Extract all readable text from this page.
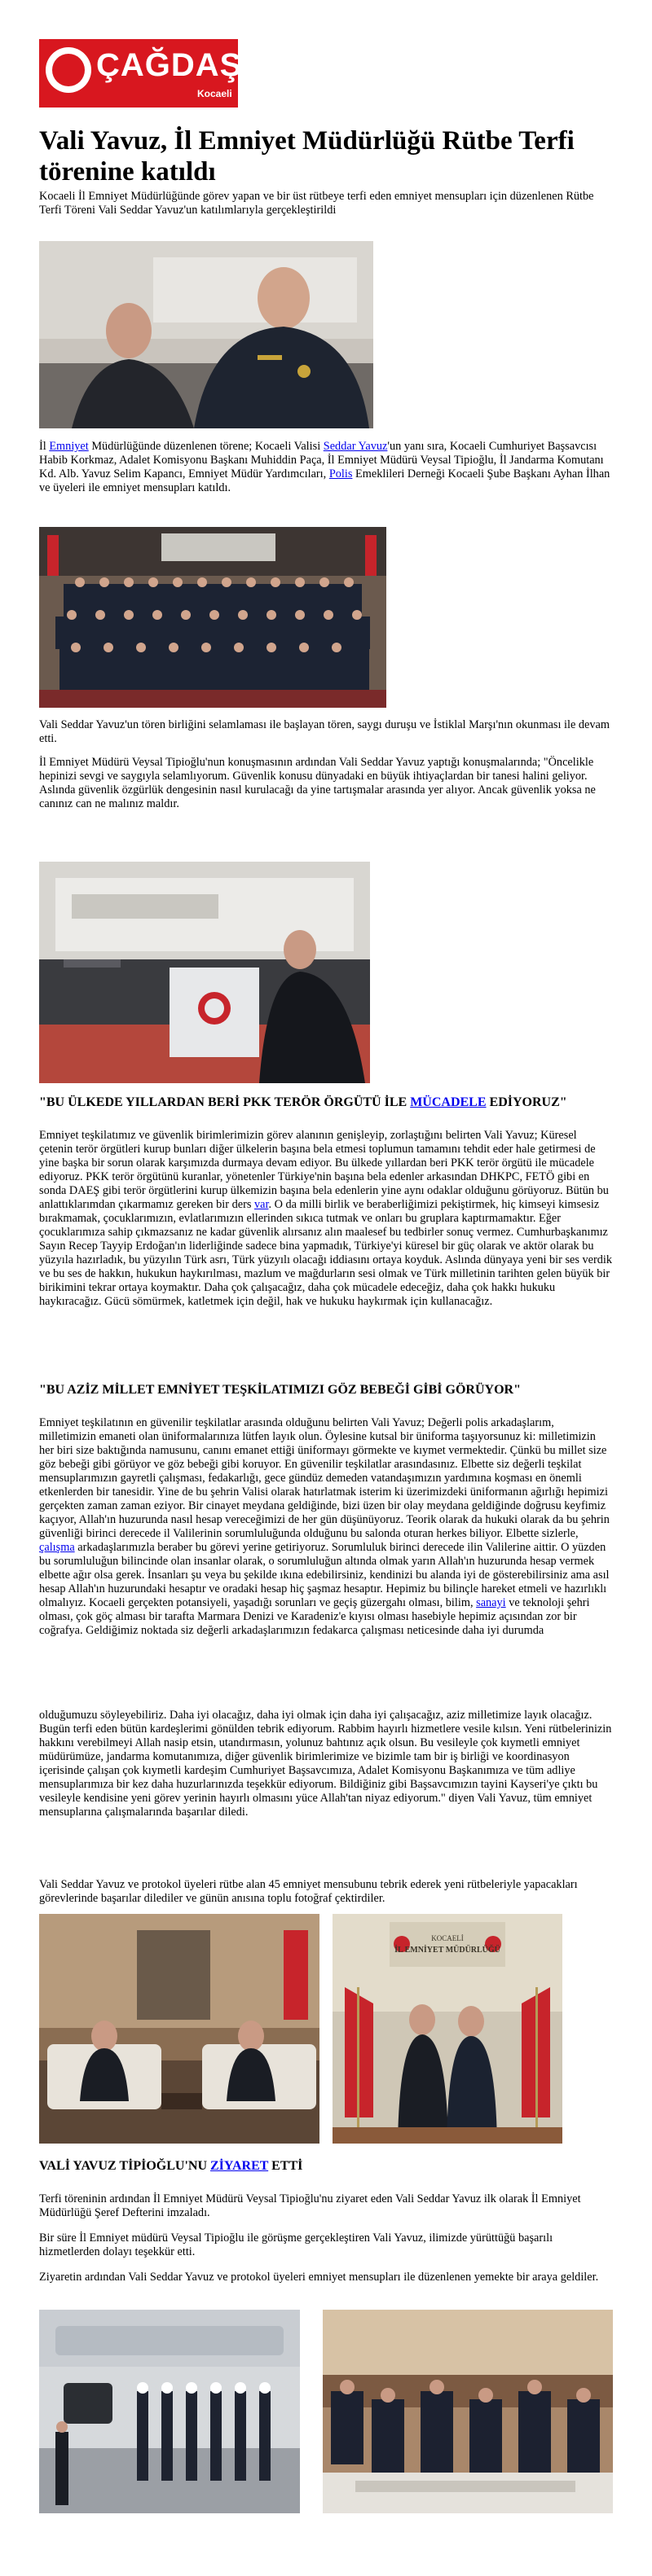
ÇAĞDAŞ
Kocaeli
Vali Yavuz, İl Emniyet Müdürlüğü Rütbe Terfi törenine katıldı

Kocaeli İl Emniyet Müdürlüğünde görev yapan ve bir üst rütbeye terfi eden emniyet mensupları için düzenlenen Rütbe Terfi Töreni Vali Seddar Yavuz'un katılımlarıyla gerçekleştirildi

İl Emniyet Müdürlüğünde düzenlenen törene; Kocaeli Valisi Seddar Yavuz'un yanı sıra, Kocaeli Cumhuriyet Başsavcısı Habib Korkmaz, Adalet Komisyonu Başkanı Muhiddin Paça, İl Emniyet Müdürü Veysal Tipioğlu, İl Jandarma Komutanı Kd. Alb. Yavuz Selim Kapancı, Emniyet Müdür Yardımcıları, Polis Emeklileri Derneği Kocaeli Şube Başkanı Ayhan İlhan ve üyeleri ile emniyet mensupları katıldı.

Vali Seddar Yavuz'un tören birliğini selamlaması ile başlayan tören, saygı duruşu ve İstiklal Marşı'nın okunması ile devam etti.

İl Emniyet Müdürü Veysal Tipioğlu'nun konuşmasının ardından Vali Seddar Yavuz yaptığı konuşmalarında; "Öncelikle hepinizi sevgi ve saygıyla selamlıyorum. Güvenlik konusu dünyadaki en büyük ihtiyaçlardan bir tanesi halini geliyor. Aslında güvenlik özgürlük dengesinin nasıl kurulacağı da yine tartışmalar arasında yer alıyor. Ancak güvenlik yoksa ne canınız can ne malınız maldır.

"BU ÜLKEDE YILLARDAN BERİ PKK TERÖR ÖRGÜTÜ İLE MÜCADELE EDİYORUZ"

Emniyet teşkilatımız ve güvenlik birimlerimizin görev alanının genişleyip, zorlaştığını belirten Vali Yavuz; Küresel çetenin terör örgütleri kurup bunları diğer ülkelerin başına bela etmesi toplumun tamamını tehdit eder hale getirmesi de yine başka bir sorun olarak karşımızda durmaya devam ediyor. Bu ülkede yıllardan beri PKK terör örgütü ile mücadele ediyoruz. PKK terör örgütünü kuranlar, yönetenler Türkiye'nin başına bela edenler arkasından DHKPC, FETÖ gibi en sonda DAEŞ gibi terör örgütlerini kurup ülkemizin başına bela edenlerin yine aynı odaklar olduğunu görüyoruz. Bütün bu anlattıklarımdan çıkarmamız gereken bir ders var. O da milli birlik ve beraberliğimizi pekiştirmek, hiç kimseyi kimsesiz bırakmamak, çocuklarımızın, evlatlarımızın ellerinden sıkıca tutmak ve onları bu gruplara kaptırmamaktır. Eğer çocuklarımıza sahip çıkmazsanız ne kadar güvenlik alırsanız alın maalesef bu tedbirler sonuç vermez. Cumhurbaşkanımız Sayın Recep Tayyip Erdoğan'ın liderliğinde sadece bina yapmadık, Türkiye'yi küresel bir güç olarak ve aktör olarak bu yüzyıla hazırladık, bu yüzyılın Türk asrı, Türk yüzyılı olacağı iddiasını ortaya koyduk. Aslında dünyaya yeni bir ses verdik ve bu ses de hakkın, hukukun haykırılması, mazlum ve mağdurların sesi olmak ve Türk milletinin tarihten gelen büyük bir birikimini tekrar ortaya koymaktır. Daha çok çalışacağız, daha çok mücadele edeceğiz, daha çok hakkı hukuku haykıracağız. Gücü sömürmek, katletmek için değil, hak ve hukuku haykırmak için kullanacağız.

"BU AZİZ MİLLET EMNİYET TEŞKİLATIMIZI GÖZ BEBEĞİ GİBİ GÖRÜYOR"

Emniyet teşkilatının en güvenilir teşkilatlar arasında olduğunu belirten Vali Yavuz; Değerli polis arkadaşlarım, milletimizin emaneti olan üniformalarınıza lütfen layık olun. Öylesine kutsal bir üniforma taşıyorsunuz ki: milletimizin her biri size baktığında namusunu, canını emanet ettiği üniformayı görmekte ve kıymet vermektedir. Çünkü bu millet size göz bebeği gibi görüyor ve göz bebeği gibi koruyor. En güvenilir teşkilatlar arasındasınız. Elbette siz değerli teşkilat mensuplarımızın gayretli çalışması, fedakarlığı, gece gündüz demeden vatandaşımızın yardımına koşması en önemli etkenlerden bir tanesidir. Yine de bu şehrin Valisi olarak hatırlatmak isterim ki üzerimizdeki üniformanın ağırlığı hepimizi gerçekten zaman zaman eziyor. Bir cinayet meydana geldiğinde, bizi üzen bir olay meydana geldiğinde doğrusu keyfimiz kaçıyor, Allah'ın huzurunda nasıl hesap vereceğimizi de her gün düşünüyoruz. Teorik olarak da hukuki olarak da bu şehrin güvenliği birinci derecede il Valilerinin sorumluluğunda olduğunu bu salonda oturan herkes biliyor. Elbette sizlerle, çalışma arkadaşlarımızla beraber bu görevi yerine getiriyoruz. Sorumluluk birinci derecede ilin Valilerine aittir. O yüzden bu sorumluluğun bilincinde olan insanlar olarak, o sorumluluğun altında olmak yarın Allah'ın huzurunda hesap vermek elbette ağır olsa gerek. İnsanları şu veya bu şekilde ıkına edebilirsiniz, kendinizi bu alanda iyi de gösterebilirsiniz ama asıl hesap Allah'ın huzurundaki hesaptır ve oradaki hesap hiç şaşmaz hesaptır. Hepimiz bu bilinçle hareket etmeli ve hazırlıklı olmalıyız. Kocaeli gerçekten potansiyeli, yaşadığı sorunları ve geçiş güzergahı olması, bilim, sanayi ve teknoloji şehri olması, çok göç alması bir tarafta Marmara Denizi ve Karadeniz'e kıyısı olması hasebiyle hepimiz açısından zor bir coğrafya. Geldiğimiz noktada siz değerli arkadaşlarımızın fedakarca çalışması neticesinde daha iyi durumda

olduğumuzu söyleyebiliriz. Daha iyi olacağız, daha iyi olmak için daha iyi çalışacağız, aziz milletimize layık olacağız. Bugün terfi eden bütün kardeşlerimi gönülden tebrik ediyorum. Rabbim hayırlı hizmetlere vesile kılsın. Yeni rütbelerinizin hakkını verebilmeyi Allah nasip etsin, utandırmasın, yolunuz bahtınız açık olsun. Bu vesileyle çok kıymetli emniyet müdürümüze, jandarma komutanımıza, diğer güvenlik birimlerimize ve bizimle tam bir iş birliği ve koordinasyon içerisinde çalışan çok kıymetli kardeşim Cumhuriyet Başsavcımıza, Adalet Komisyonu Başkanımıza ve tüm adliye mensuplarımıza bir kez daha huzurlarınızda teşekkür ediyorum. Bildiğiniz gibi Başsavcımızın tayini Kayseri'ye çıktı bu vesileyle kendisine yeni görev yerinin hayırlı olmasını yüce Allah'tan niyaz ediyorum." diyen Vali Yavuz, tüm emniyet mensuplarına çalışmalarında başarılar diledi.

Vali Seddar Yavuz ve protokol üyeleri rütbe alan 45 emniyet mensubunu tebrik ederek yeni rütbeleriyle yapacakları görevlerinde başarılar dilediler ve günün anısına toplu fotoğraf çektirdiler.

KOCAELİ
İL EMNİYET MÜDÜRLÜĞÜ

VALİ YAVUZ TİPİOĞLU'NU ZİYARET ETTİ

Terfi töreninin ardından İl Emniyet Müdürü Veysal Tipioğlu'nu ziyaret eden Vali Seddar Yavuz ilk olarak İl Emniyet Müdürlüğü Şeref Defterini imzaladı.

Bir süre İl Emniyet müdürü Veysal Tipioğlu ile görüşme gerçekleştiren Vali Yavuz, ilimizde yürüttüğü başarılı hizmetlerden dolayı teşekkür etti.

Ziyaretin ardından Vali Seddar Yavuz ve protokol üyeleri emniyet mensupları ile düzenlenen yemekte bir araya geldiler.
